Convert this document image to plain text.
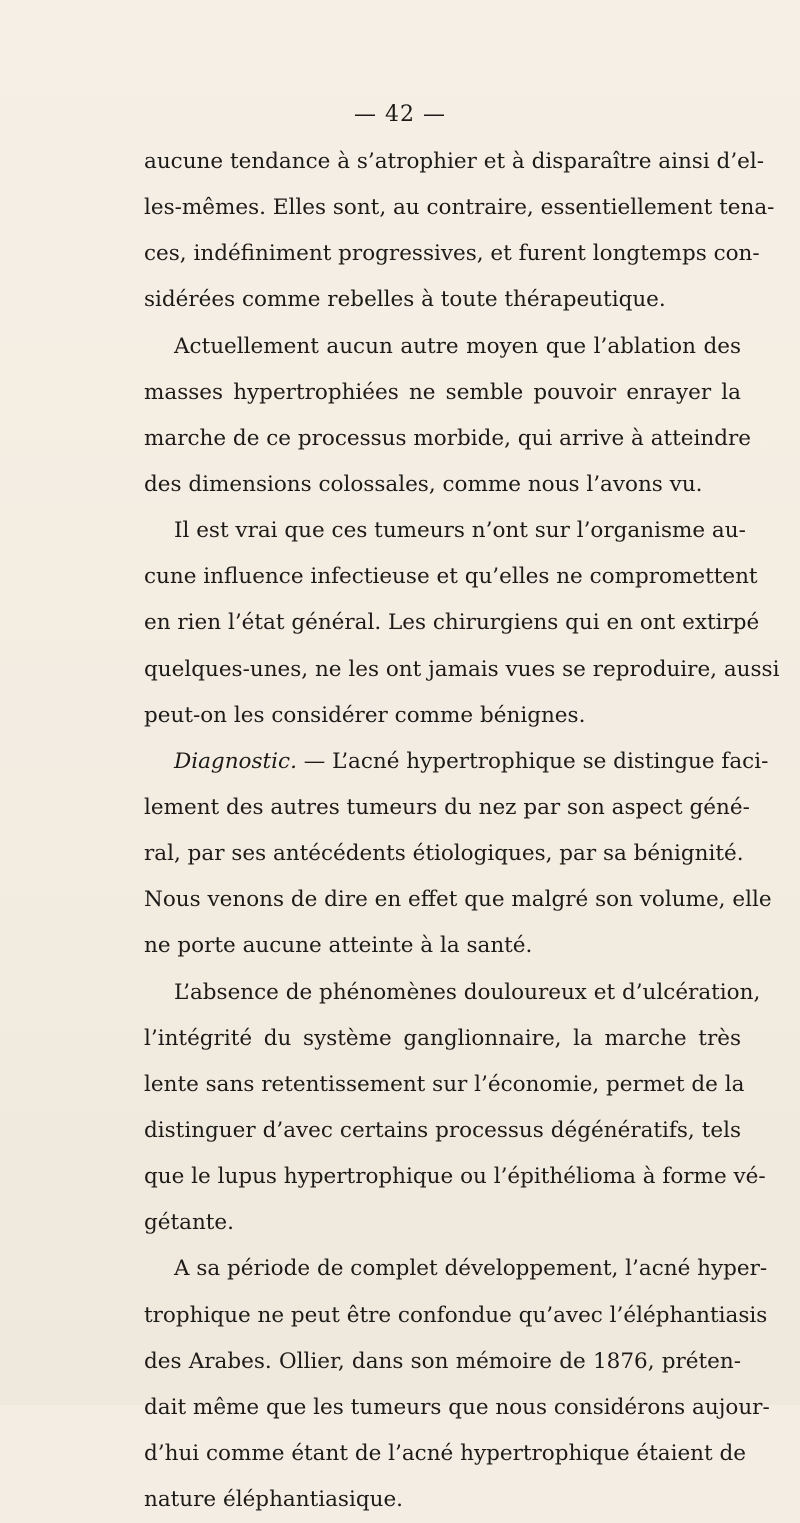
— 42 —
aucune tendance à s’atrophier et à disparaître ainsi d’el-
les-mêmes. Elles sont, au contraire, essentiellement tena-
ces, indéfiniment progressives, et furent longtemps con-
sidérées comme rebelles à toute thérapeutique.
Actuellement aucun autre moyen que l’ablation des
masses hypertrophiées ne semble pouvoir enrayer la
marche de ce processus morbide, qui arrive à atteindre
des dimensions colossales, comme nous l’avons vu.
Il est vrai que ces tumeurs n’ont sur l’organisme au-
cune influence infectieuse et qu’elles ne compromettent
en rien l’état général. Les chirurgiens qui en ont extirpé
quelques-unes, ne les ont jamais vues se reproduire, aussi
peut-on les considérer comme bénignes.
Diagnostic. — L’acné hypertrophique se distingue faci-
lement des autres tumeurs du nez par son aspect géné-
ral, par ses antécédents étiologiques, par sa bénignité.
Nous venons de dire en effet que malgré son volume, elle
ne porte aucune atteinte à la santé.
L’absence de phénomènes douloureux et d’ulcération,
l’intégrité du système ganglionnaire, la marche très
lente sans retentissement sur l’économie, permet de la
distinguer d’avec certains processus dégénératifs, tels
que le lupus hypertrophique ou l’épithélioma à forme vé-
gétante.
A sa période de complet développement, l’acné hyper-
trophique ne peut être confondue qu’avec l’éléphantiasis
des Arabes. Ollier, dans son mémoire de 1876, préten-
dait même que les tumeurs que nous considérons aujour-
d’hui comme étant de l’acné hypertrophique étaient de
nature éléphantiasique.
